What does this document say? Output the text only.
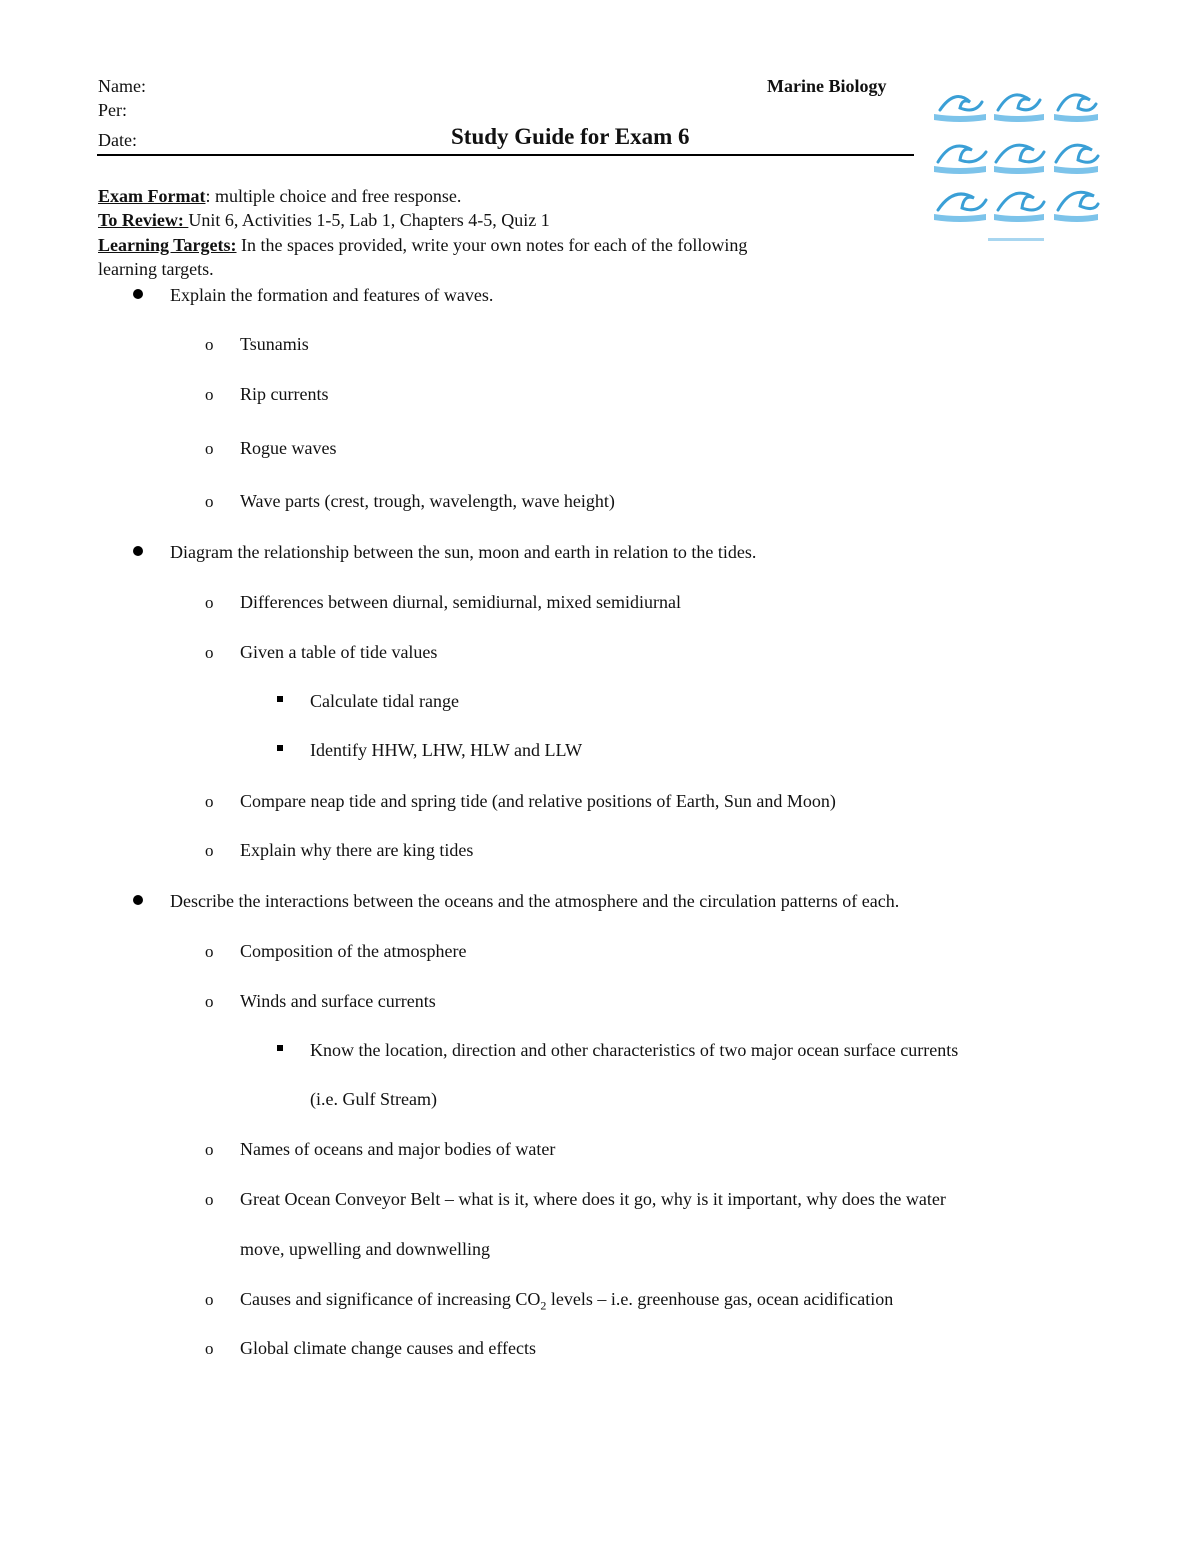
Name:
Per:
Date:
Marine Biology
Study Guide for Exam 6
Exam Format: multiple choice and free response.
To Review: Unit 6, Activities 1-5, Lab 1, Chapters 4-5, Quiz 1
Learning Targets: In the spaces provided, write your own notes for each of the following
learning targets.
Explain the formation and features of waves.
o Tsunamis
o Rip currents
o Rogue waves
o Wave parts (crest, trough, wavelength, wave height)
Diagram the relationship between the sun, moon and earth in relation to the tides.
o Differences between diurnal, semidiurnal, mixed semidiurnal
o Given a table of tide values
Calculate tidal range
Identify HHW, LHW, HLW and LLW
o Compare neap tide and spring tide (and relative positions of Earth, Sun and Moon)
o Explain why there are king tides
Describe the interactions between the oceans and the atmosphere and the circulation patterns of each.
o Composition of the atmosphere
o Winds and surface currents
Know the location, direction and other characteristics of two major ocean surface currents
(i.e. Gulf Stream)
o Names of oceans and major bodies of water
o Great Ocean Conveyor Belt – what is it, where does it go, why is it important, why does the water
move, upwelling and downwelling
o Causes and significance of increasing $CO_2$ levels – i.e. greenhouse gas, ocean acidification
o Global climate change causes and effects
